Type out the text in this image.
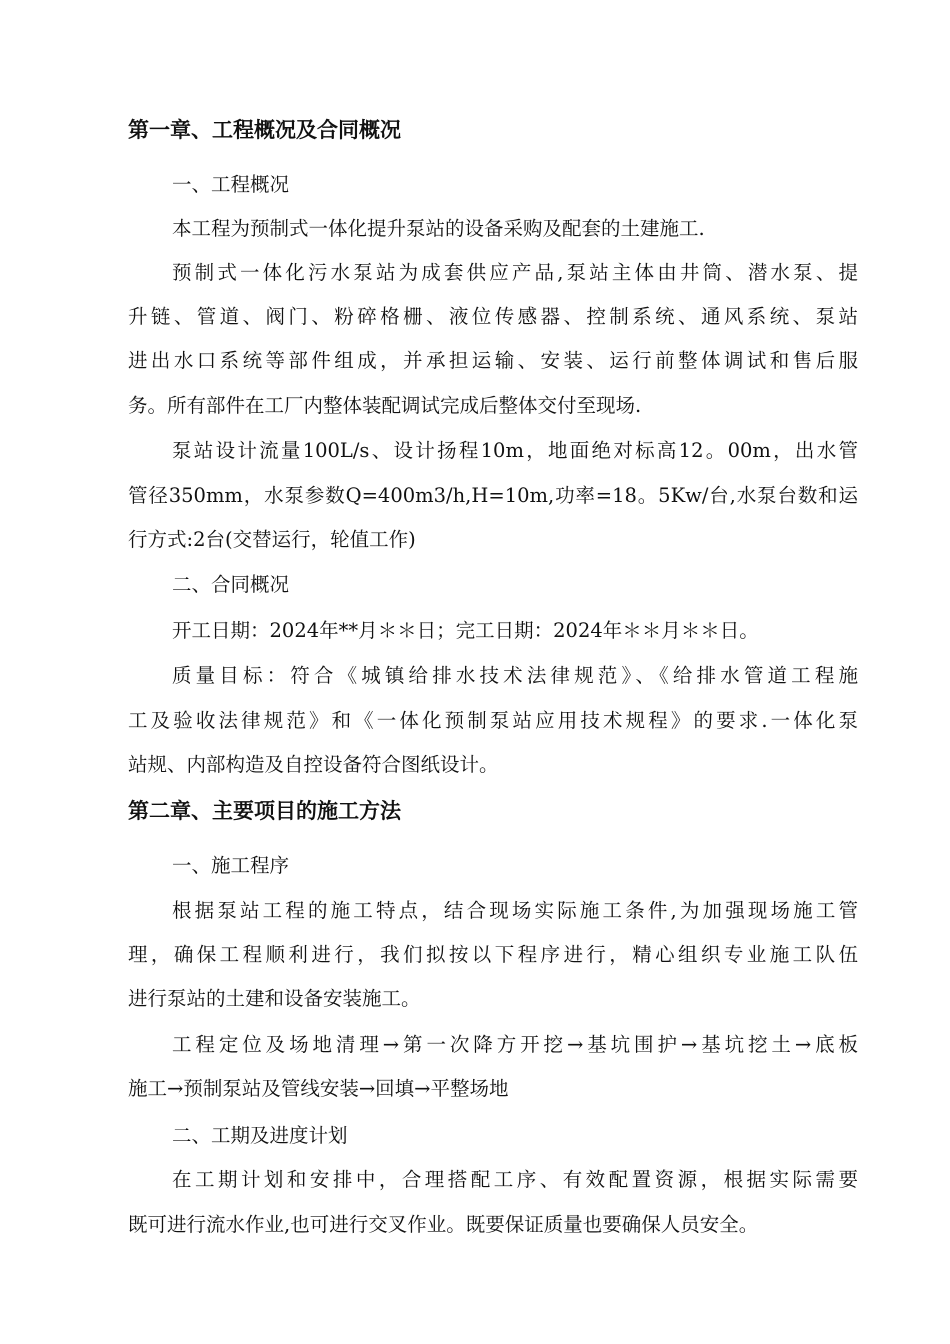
第一章、工程概况及合同概况

一、工程概况

本工程为预制式一体化提升泵站的设备采购及配套的土建施工.

预制式一体化污水泵站为成套供应产品,泵站主体由井筒、潜水泵、提

升链、管道、阀门、粉碎格栅、液位传感器、控制系统、通风系统、泵站

进出水口系统等部件组成，并承担运输、安装、运行前整体调试和售后服

务。所有部件在工厂内整体装配调试完成后整体交付至现场.

泵站设计流量100L/s、设计扬程10m，地面绝对标高12。00m，出水管

管径350mm，水泵参数Q=400m3/h,H=10m,功率=18。5Kw/台,水泵台数和运

行方式:2台(交替运行，轮值工作)

二、合同概况

开工日期：2024年**月＊＊日；完工日期：2024年＊＊月＊＊日。

质量目标：符合《城镇给排水技术法律规范》、《给排水管道工程施

工及验收法律规范》和《一体化预制泵站应用技术规程》的要求.一体化泵

站规、内部构造及自控设备符合图纸设计。

第二章、主要项目的施工方法

一、施工程序

根据泵站工程的施工特点，结合现场实际施工条件,为加强现场施工管

理，确保工程顺利进行，我们拟按以下程序进行，精心组织专业施工队伍

进行泵站的土建和设备安装施工。

工程定位及场地清理→第一次降方开挖→基坑围护→基坑挖土→底板

施工→预制泵站及管线安装→回填→平整场地

二、工期及进度计划

在工期计划和安排中，合理搭配工序、有效配置资源，根据实际需要

既可进行流水作业,也可进行交叉作业。既要保证质量也要确保人员安全。
